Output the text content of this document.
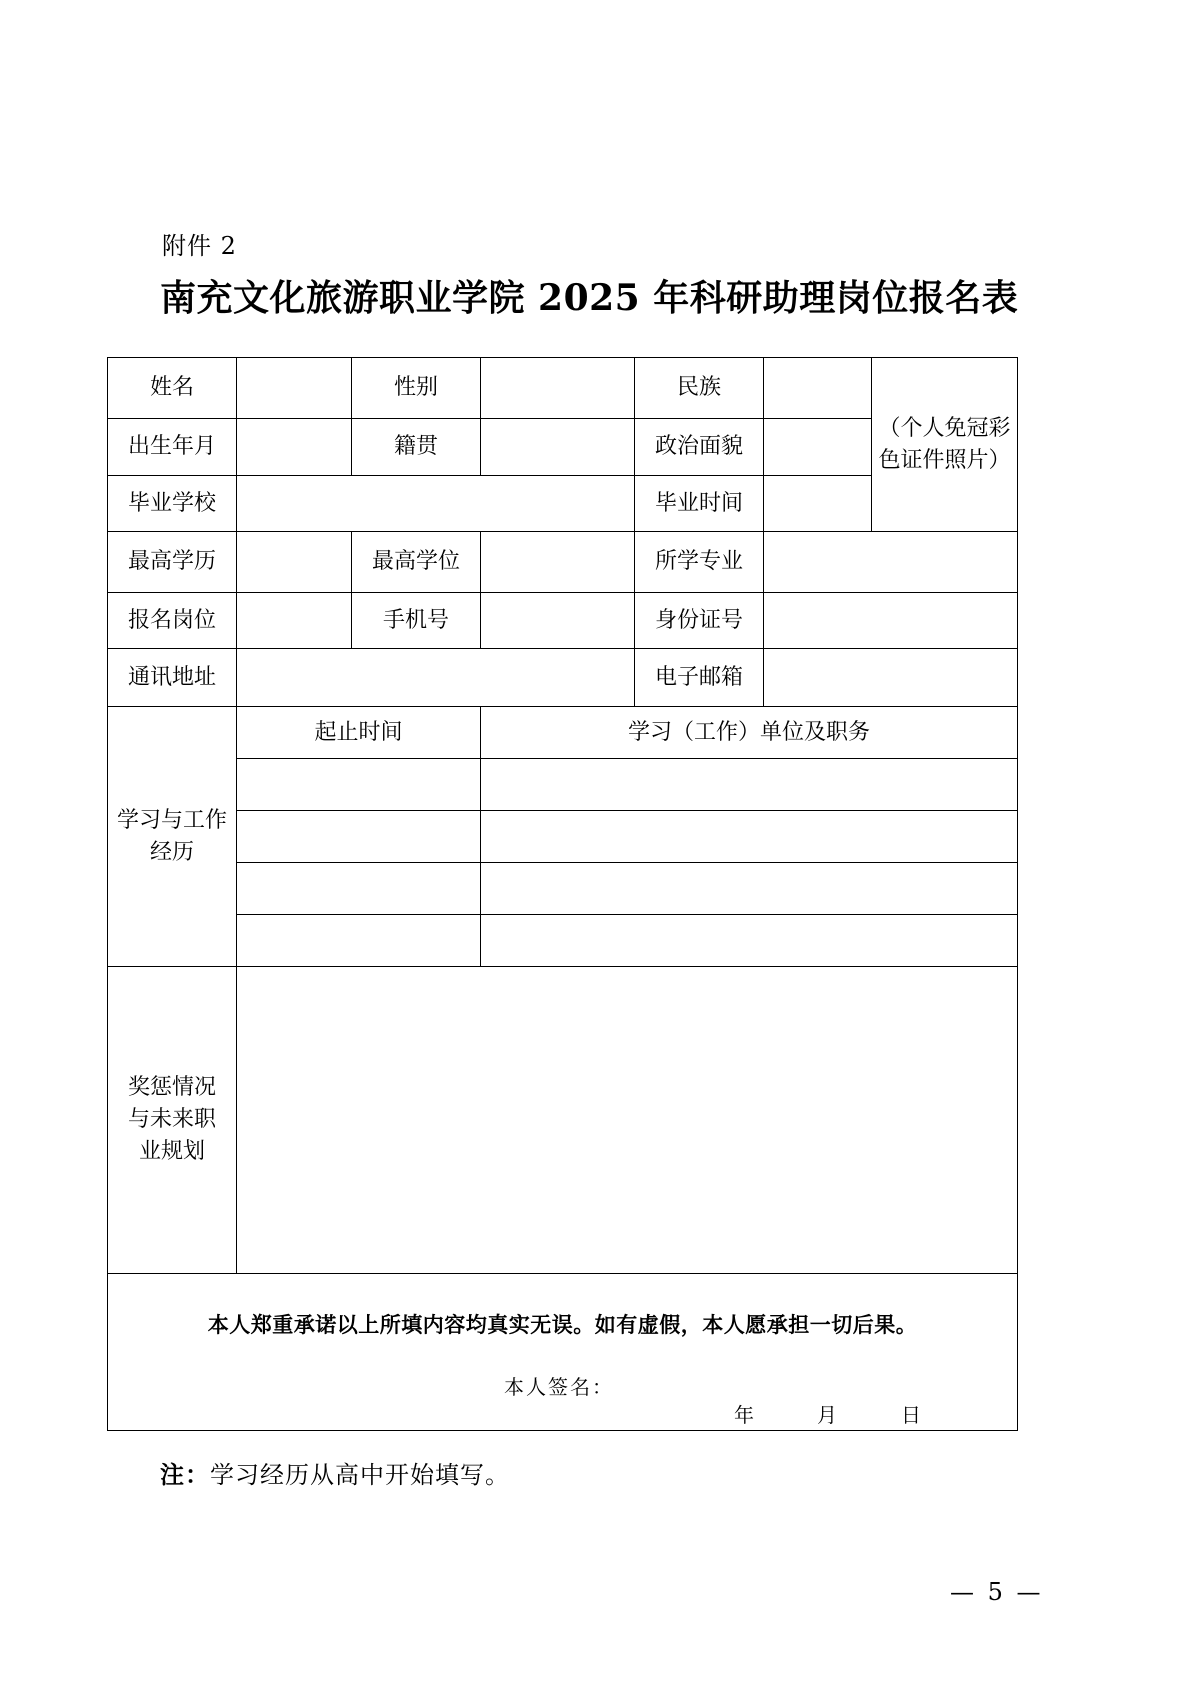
附件 2
南充文化旅游职业学院 2025 年科研助理岗位报名表
姓名		性别		民族		（个人免冠彩色证件照片）
出生年月		籍贯		政治面貌		
毕业学校				毕业时间		
最高学历		最高学位		所学专业		
报名岗位		手机号		身份证号		
通讯地址				电子邮箱		
学习与工作经历	起止时间		学习（工作）单位及职务			

奖惩情况与未来职业规划						

本人郑重承诺以上所填内容均真实无误。如有虚假，本人愿承担一切后果。
本人签名：
年 月 日						
注：学习经历从高中开始填写。
— 5 —
